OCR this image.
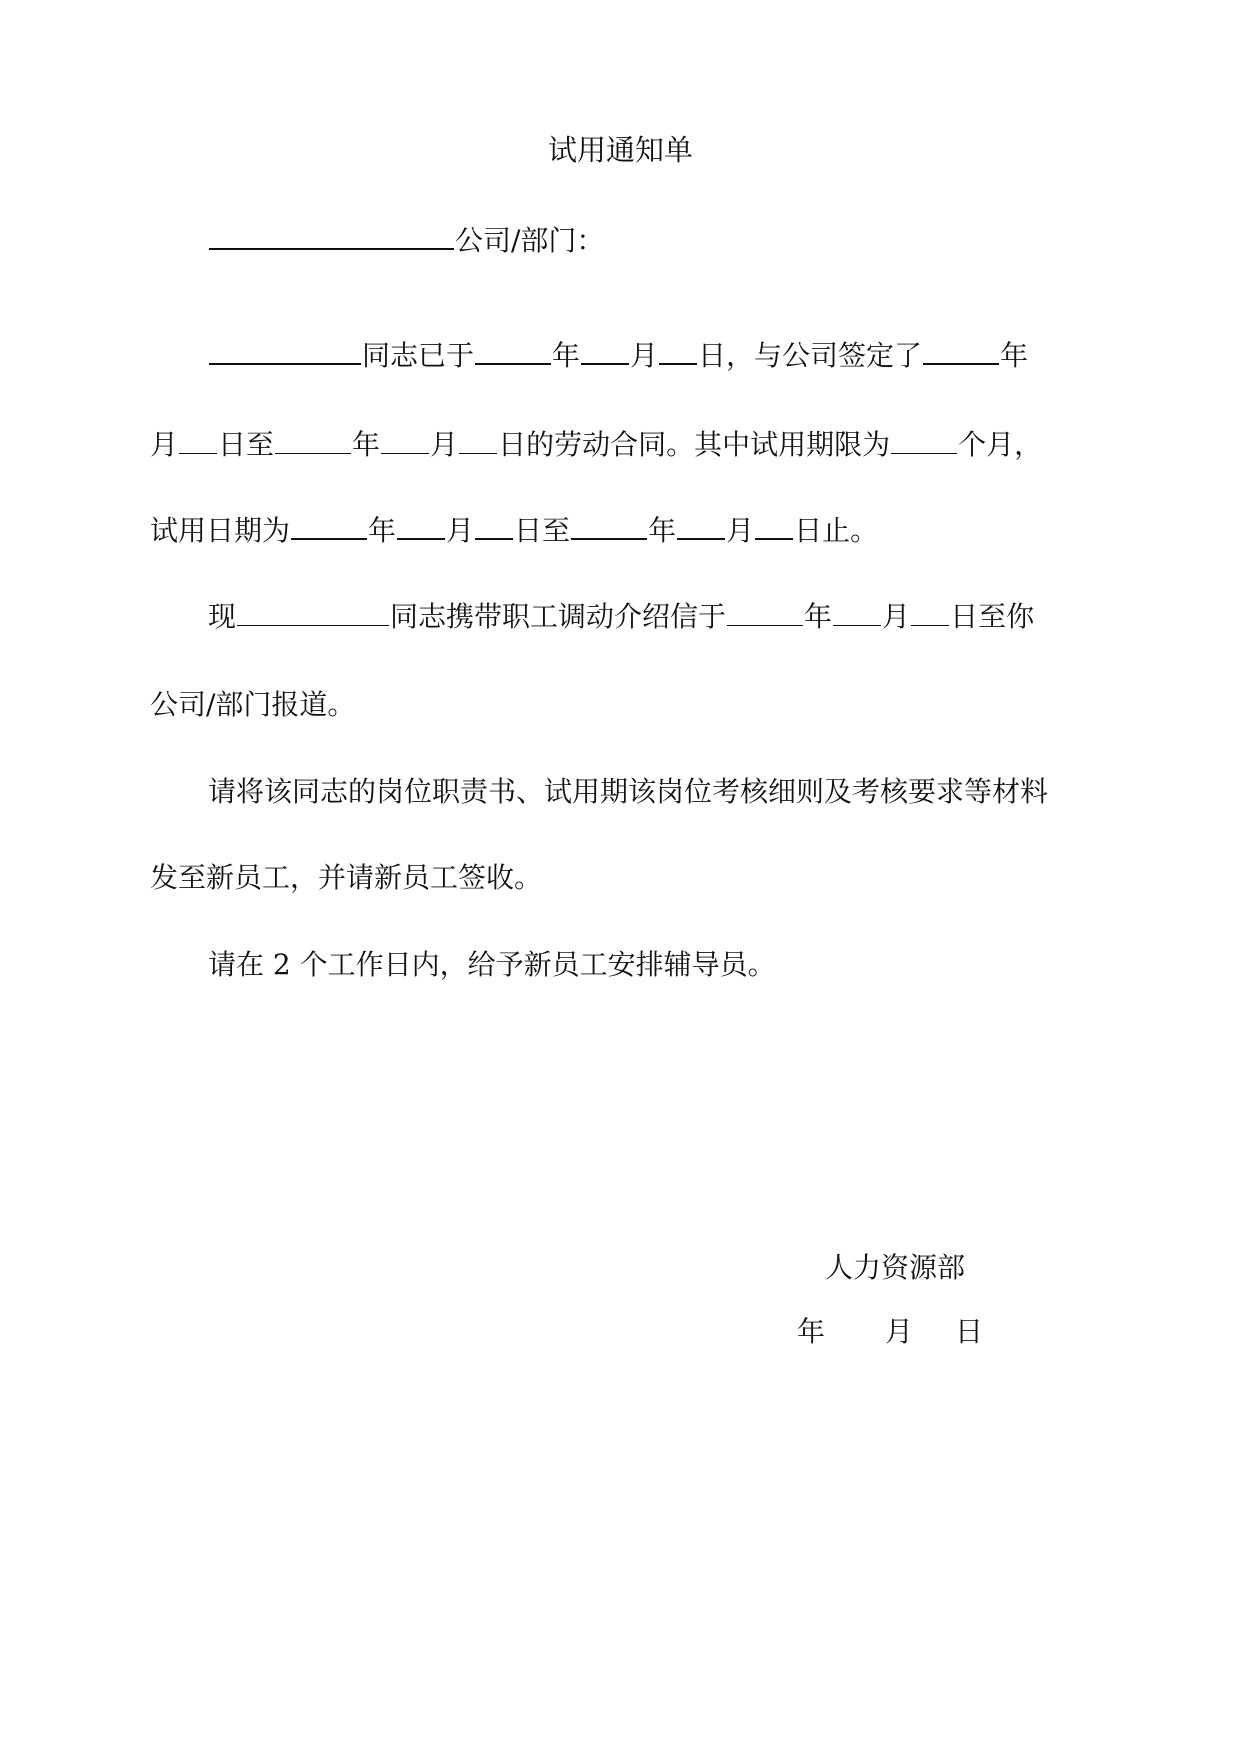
试用通知单
公司/部门：
同志已于	年 月 日，与公司签定了	年
月 日至	年 月 日的劳动合同。其中试用期限为 个月，
试用日期为	年 月 日至	年 月 日止。
现	同志携带职工调动介绍信于	年 月 日至你
公司/部门报道。
请将该同志的岗位职责书、试用期该岗位考核细则及考核要求等材料
发至新员工，并请新员工签收。
请在 2 个工作日内，给予新员工安排辅导员。
人力资源部
年 月 日
